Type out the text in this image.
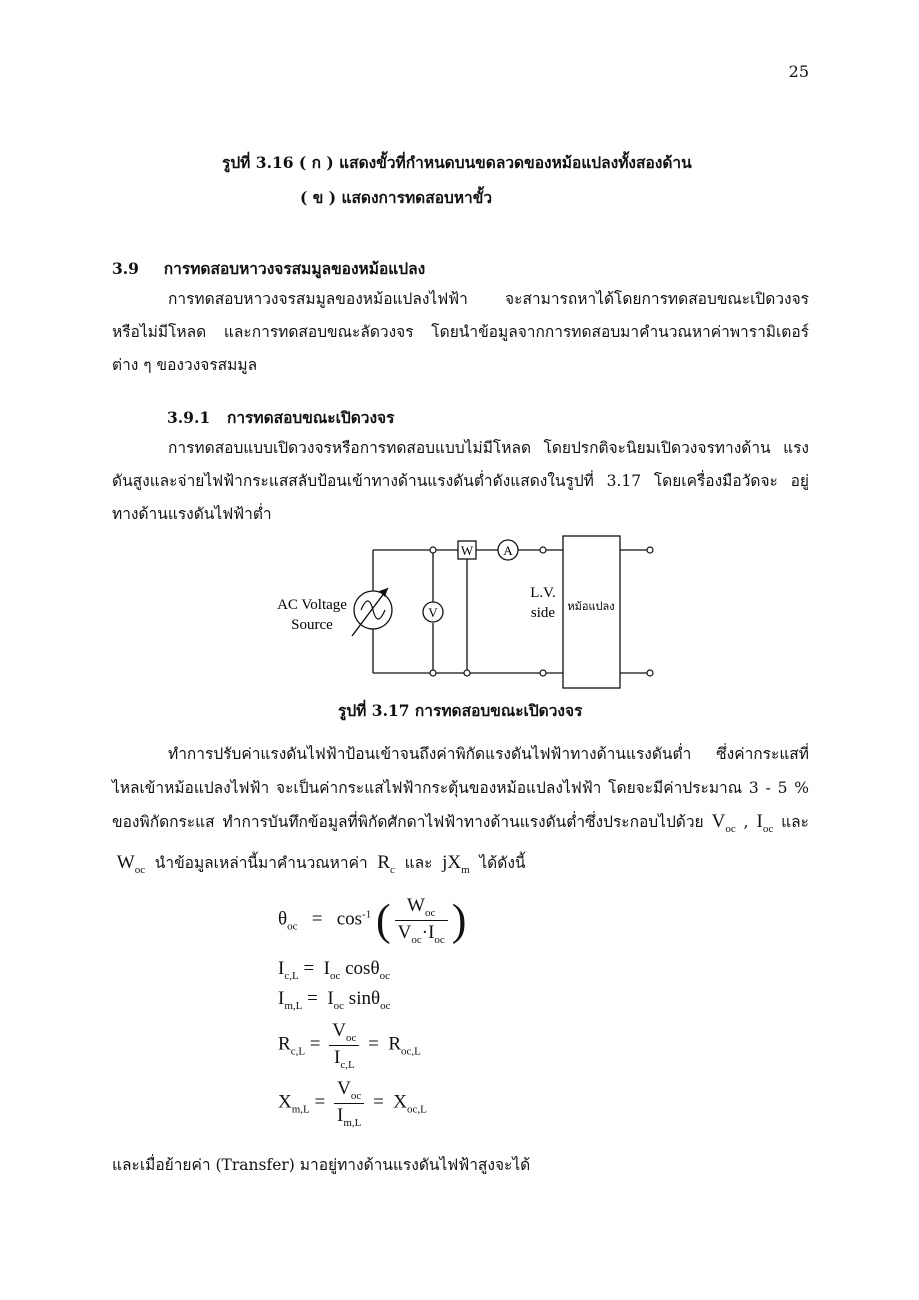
25
รูปที่ 3.16 ( ก ) แสดงขั้วที่กำหนดบนขดลวดของหม้อแปลงทั้งสองด้าน
( ข ) แสดงการทดสอบหาขั้ว
3.9 การทดสอบหาวงจรสมมูลของหม้อแปลง

การทดสอบหาวงจรสมมูลของหม้อแปลงไฟฟ้า จะสามารถหาได้โดยการทดสอบขณะเปิดวงจร หรือไม่มีโหลด และการทดสอบขณะลัดวงจร โดยนำข้อมูลจากการทดสอบมาคำนวณหาค่าพารามิเตอร์ ต่าง ๆ ของวงจรสมมูล

3.9.1 การทดสอบขณะเปิดวงจร

การทดสอบแบบเปิดวงจรหรือการทดสอบแบบไม่มีโหลด โดยปรกติจะนิยมเปิดวงจรทางด้าน แรงดันสูงและจ่ายไฟฟ้ากระแสสลับป้อนเข้าทางด้านแรงดันต่ำดังแสดงในรูปที่ 3.17 โดยเครื่องมือวัดจะ อยู่ทางด้านแรงดันไฟฟ้าต่ำ

V
W A
หม้อแปลง
AC Voltage
Source
L.V.
side
รูปที่ 3.17 การทดสอบขณะเปิดวงจร
ทำการปรับค่าแรงดันไฟฟ้าป้อนเข้าจนถึงค่าพิกัดแรงดันไฟฟ้าทางด้านแรงดันต่ำ ซึ่งค่ากระแสที่ ไหลเข้าหม้อแปลงไฟฟ้า จะเป็นค่ากระแสไฟฟ้ากระตุ้นของหม้อแปลงไฟฟ้า โดยจะมีค่าประมาณ 3 - 5 % ของพิกัดกระแส ทำการบันทึกข้อมูลที่พิกัดศักดาไฟฟ้าทางด้านแรงดันต่ำซึ่งประกอบไปด้วย $V_{oc}$ , $I_{oc}$ และ  $W_{oc}$ นำข้อมูลเหล่านี้มาคำนวณหาค่า  $R_c$ และ  $jX_m$ ได้ดังนี้
$\theta_{oc} = \cos^{-1}$ ( $\frac{W_{oc}}{V_{oc}\cdot I_{oc}}$ )
$I_{c,L} = I_{oc}$ cosθ$_{oc}$
$I_{m,L} = I_{oc}$ sinθ$_{oc}$
$R_{c,L} = \frac{V_{oc}}{I_{c,L}} = R_{oc,L}$
$X_{m,L} = \frac{V_{oc}}{I_{m,L}} = X_{oc,L}$
และเมื่อย้ายค่า (Transfer) มาอยู่ทางด้านแรงดันไฟฟ้าสูงจะได้
